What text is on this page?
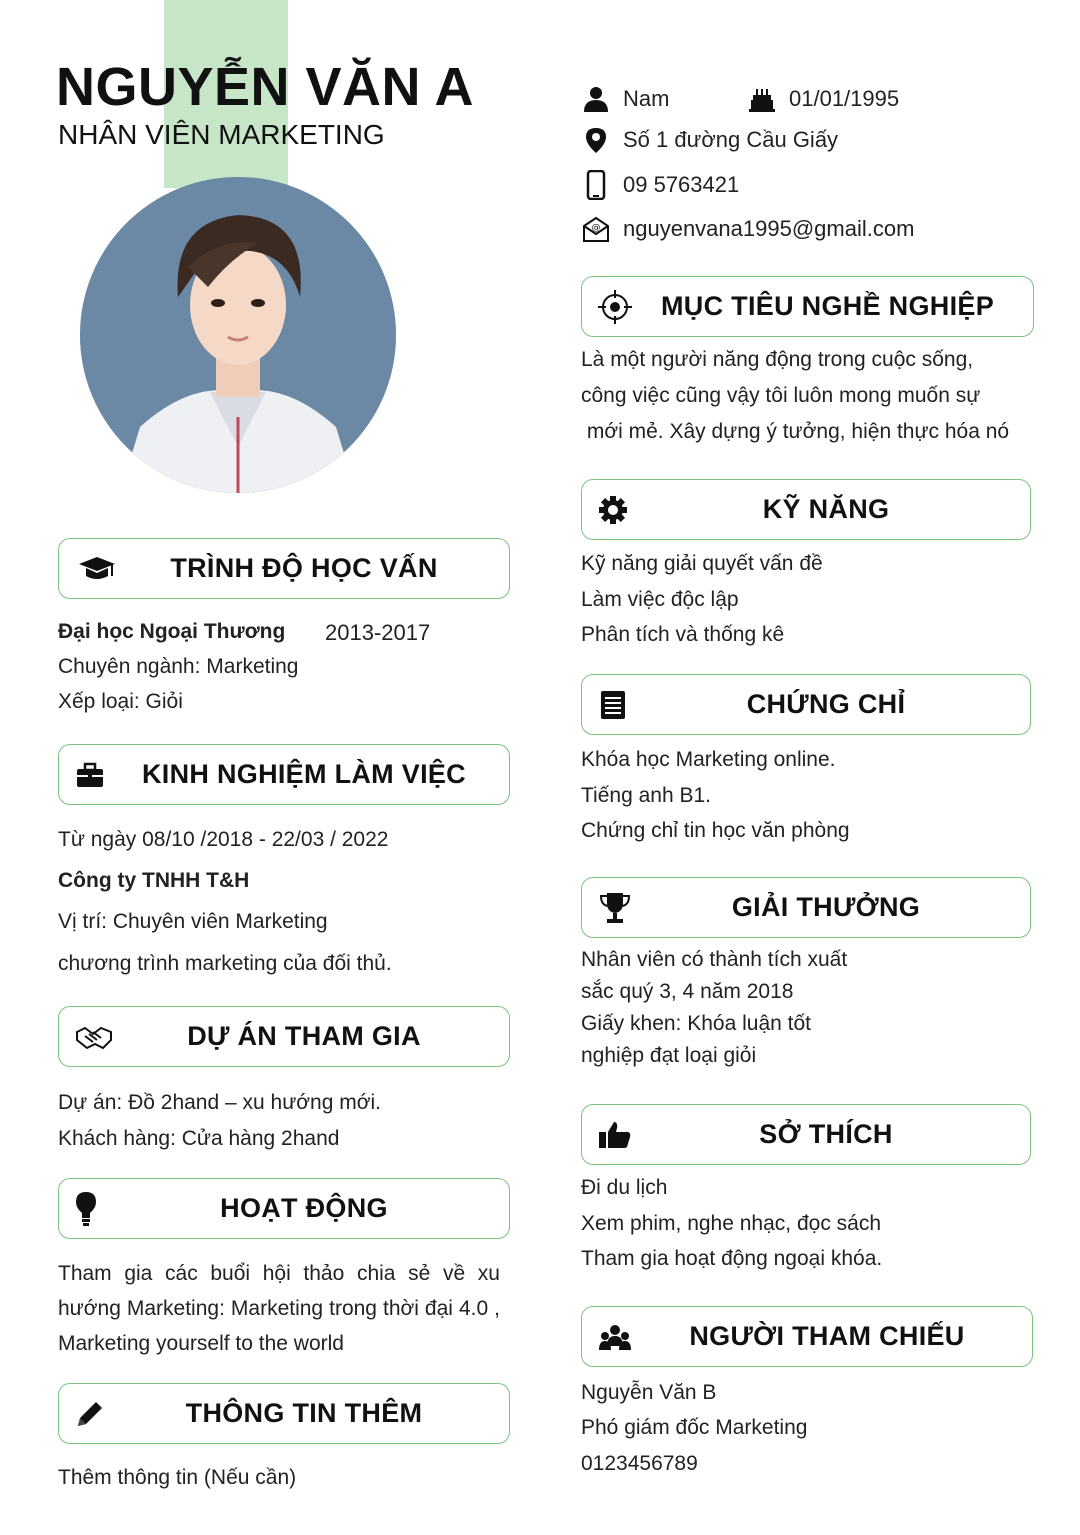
NGUYỄN VĂN A
NHÂN VIÊN MARKETING
Nam	01/01/1995
Số 1 đường Cầu Giấy
09 5763421
@ nguyenvana1995@gmail.com
TRÌNH ĐỘ HỌC VẤN
Đại học Ngoại Thương 2013-2017
Chuyên ngành: Marketing
Xếp loại: Giỏi
KINH NGHIỆM LÀM VIỆC
Từ ngày 08/10 /2018 - 22/03 / 2022
Công ty TNHH T&H
Vị trí: Chuyên viên Marketing
chương trình marketing của đối thủ.
DỰ ÁN THAM GIA
Dự án: Đồ 2hand – xu hướng mới.
Khách hàng: Cửa hàng 2hand
HOẠT ĐỘNG
Tham gia các buổi hội thảo chia sẻ về xu hướng Marketing: Marketing trong thời đại 4.0 , Marketing yourself to the world
THÔNG TIN THÊM
Thêm thông tin (Nếu cần)
MỤC TIÊU NGHỀ NGHIỆP
Là một người năng động trong cuộc sống,
công việc cũng vậy tôi luôn mong muốn sự
mới mẻ. Xây dựng ý tưởng, hiện thực hóa nó
KỸ NĂNG
Kỹ năng giải quyết vấn đề
Làm việc độc lập
Phân tích và thống kê
CHỨNG CHỈ
Khóa học Marketing online.
Tiếng anh B1.
Chứng chỉ tin học văn phòng
GIẢI THƯỞNG
Nhân viên có thành tích xuất
sắc quý 3, 4 năm 2018
Giấy khen: Khóa luận tốt
nghiệp đạt loại giỏi
SỞ THÍCH
Đi du lịch
Xem phim, nghe nhạc, đọc sách
Tham gia hoạt động ngoại khóa.
NGƯỜI THAM CHIẾU
Nguyễn Văn B
Phó giám đốc Marketing
0123456789
